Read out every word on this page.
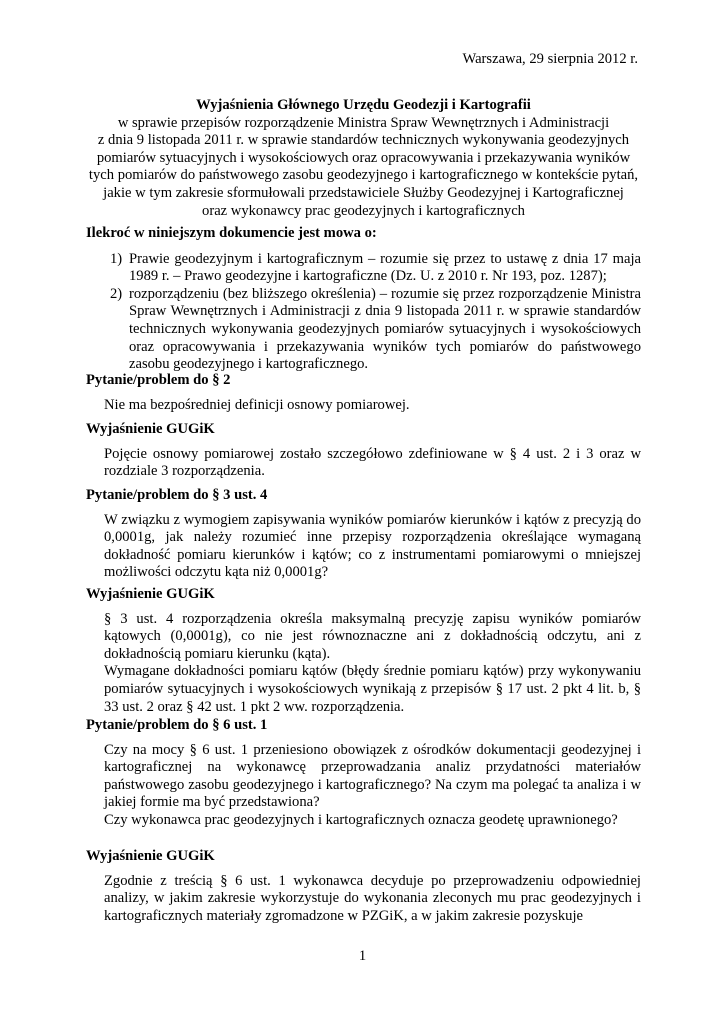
Warszawa, 29 sierpnia 2012 r.

Wyjaśnienia Głównego Urzędu Geodezji i Kartografii

w sprawie przepisów rozporządzenie Ministra Spraw Wewnętrznych i Administracji

z dnia 9 listopada 2011 r. w sprawie standardów technicznych wykonywania geodezyjnych

pomiarów sytuacyjnych i wysokościowych oraz opracowywania i przekazywania wyników

tych pomiarów do państwowego zasobu geodezyjnego i kartograficznego w kontekście pytań,

jakie w tym zakresie sformułowali przedstawiciele Służby Geodezyjnej i Kartograficznej

oraz wykonawcy prac geodezyjnych i kartograficznych

Ilekroć w niniejszym dokumencie jest mowa o:

1) Prawie geodezyjnym i kartograficznym – rozumie się przez to ustawę z dnia 17 maja 1989 r. – Prawo geodezyjne i kartograficzne (Dz. U. z 2010 r. Nr 193, poz. 1287);

2) rozporządzeniu (bez bliższego określenia) – rozumie się przez rozporządzenie Ministra Spraw Wewnętrznych i Administracji z dnia 9 listopada 2011 r. w sprawie standardów technicznych wykonywania geodezyjnych pomiarów sytuacyjnych i wysokościowych oraz opracowywania i przekazywania wyników tych pomiarów do państwowego zasobu geodezyjnego i kartograficznego.

Pytanie/problem do § 2

Nie ma bezpośredniej definicji osnowy pomiarowej.

Wyjaśnienie GUGiK

Pojęcie osnowy pomiarowej zostało szczegółowo zdefiniowane w § 4 ust. 2 i 3 oraz w rozdziale 3 rozporządzenia.

Pytanie/problem do § 3 ust. 4

W związku z wymogiem zapisywania wyników pomiarów kierunków i kątów z precyzją do 0,0001g, jak należy rozumieć inne przepisy rozporządzenia określające wymaganą dokładność pomiaru kierunków i kątów; co z instrumentami pomiarowymi o mniejszej możliwości odczytu kąta niż 0,0001g?

Wyjaśnienie GUGiK

§ 3 ust. 4 rozporządzenia określa maksymalną precyzję zapisu wyników pomiarów kątowych (0,0001g), co nie jest równoznaczne ani z dokładnością odczytu, ani z dokładnością pomiaru kierunku (kąta).

Wymagane dokładności pomiaru kątów (błędy średnie pomiaru kątów) przy wykonywaniu pomiarów sytuacyjnych i wysokościowych wynikają z przepisów § 17 ust. 2 pkt 4 lit. b, § 33 ust. 2 oraz § 42 ust. 1 pkt 2 ww. rozporządzenia.

Pytanie/problem do § 6 ust. 1

Czy na mocy § 6 ust. 1 przeniesiono obowiązek z ośrodków dokumentacji geodezyjnej i kartograficznej na wykonawcę przeprowadzania analiz przydatności materiałów państwowego zasobu geodezyjnego i kartograficznego? Na czym ma polegać ta analiza i w jakiej formie ma być przedstawiona?

Czy wykonawca prac geodezyjnych i kartograficznych oznacza geodetę uprawnionego?

Wyjaśnienie GUGiK

Zgodnie z treścią § 6 ust. 1 wykonawca decyduje po przeprowadzeniu odpowiedniej analizy, w jakim zakresie wykorzystuje do wykonania zleconych mu prac geodezyjnych i kartograficznych materiały zgromadzone w PZGiK, a w jakim zakresie pozyskuje

1
